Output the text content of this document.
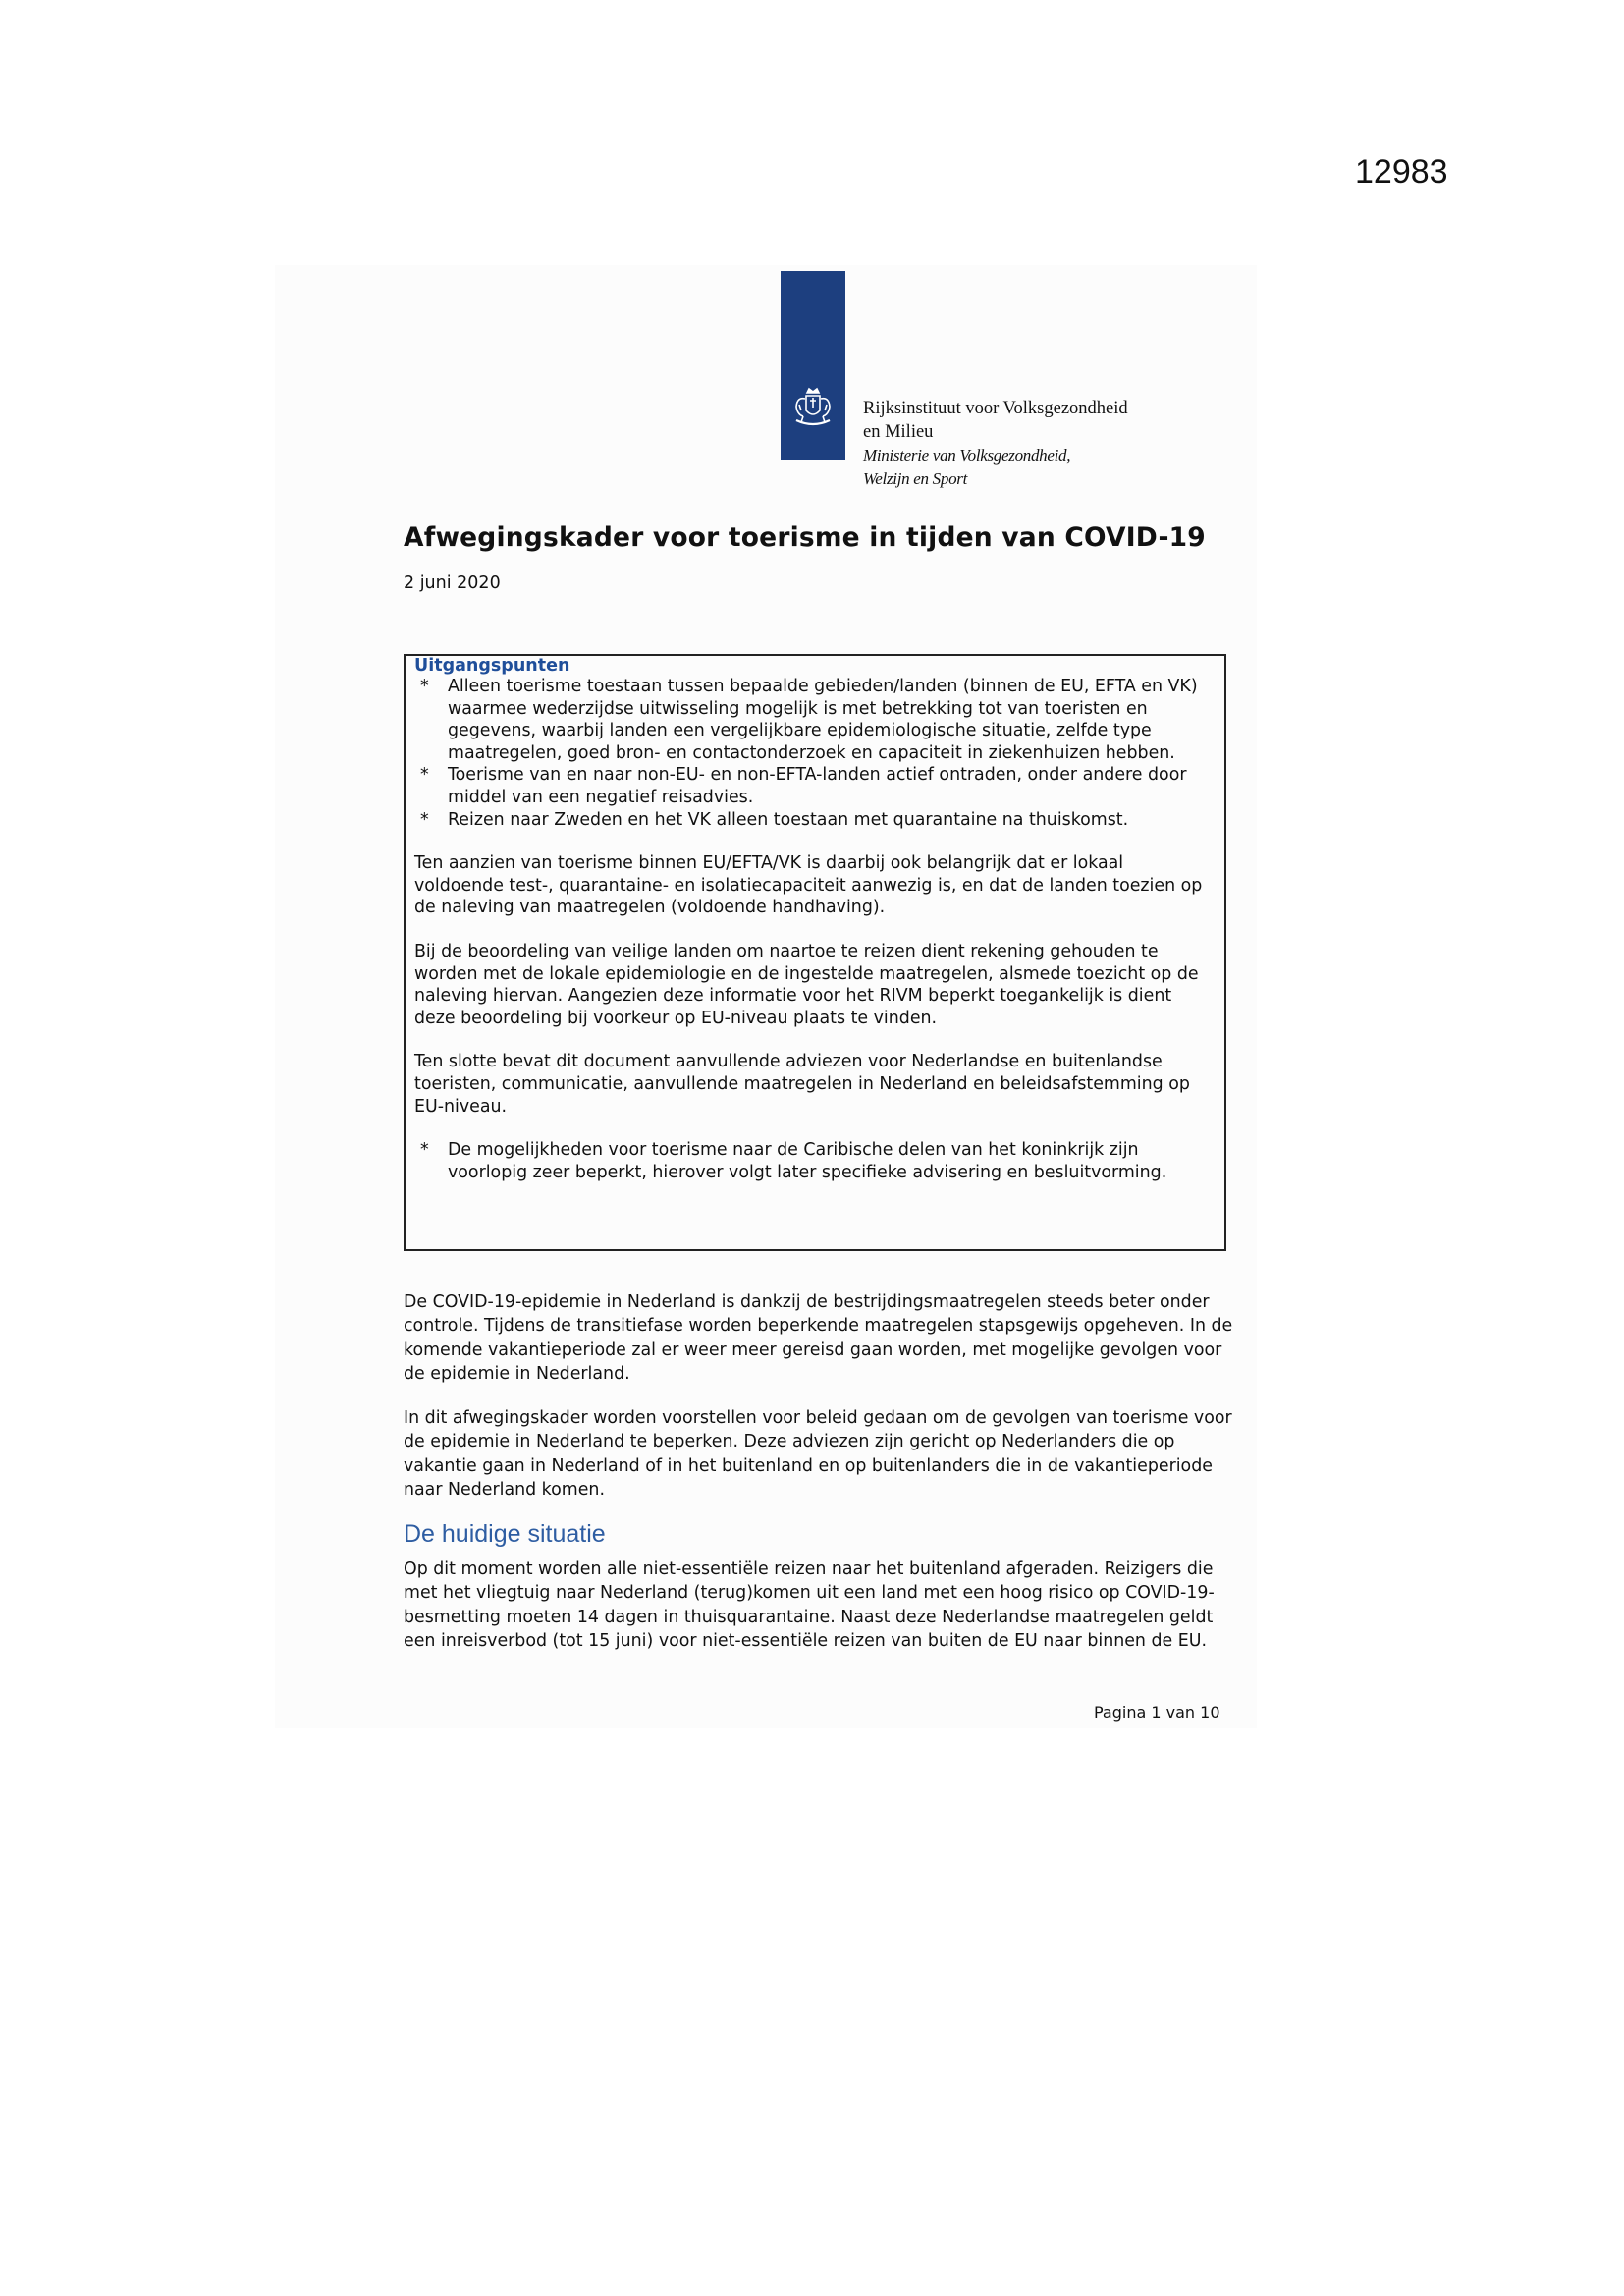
12983
Rijksinstituut voor Volksgezondheid
en Milieu
Ministerie van Volksgezondheid,
Welzijn en Sport
Afwegingskader voor toerisme in tijden van COVID-19
2 juni 2020
Uitgangspunten
* Alleen toerisme toestaan tussen bepaalde gebieden/landen (binnen de EU, EFTA en VK) waarmee wederzijdse uitwisseling mogelijk is met betrekking tot van toeristen en gegevens, waarbij landen een vergelijkbare epidemiologische situatie, zelfde type maatregelen, goed bron- en contactonderzoek en capaciteit in ziekenhuizen hebben.
* Toerisme van en naar non-EU- en non-EFTA-landen actief ontraden, onder andere door middel van een negatief reisadvies.
* Reizen naar Zweden en het VK alleen toestaan met quarantaine na thuiskomst.

Ten aanzien van toerisme binnen EU/EFTA/VK is daarbij ook belangrijk dat er lokaal voldoende test-, quarantaine- en isolatiecapaciteit aanwezig is, en dat de landen toezien op de naleving van maatregelen (voldoende handhaving).

Bij de beoordeling van veilige landen om naartoe te reizen dient rekening gehouden te worden met de lokale epidemiologie en de ingestelde maatregelen, alsmede toezicht op de naleving hiervan. Aangezien deze informatie voor het RIVM beperkt toegankelijk is dient deze beoordeling bij voorkeur op EU-niveau plaats te vinden.

Ten slotte bevat dit document aanvullende adviezen voor Nederlandse en buitenlandse toeristen, communicatie, aanvullende maatregelen in Nederland en beleidsafstemming op EU-niveau.

* De mogelijkheden voor toerisme naar de Caribische delen van het koninkrijk zijn voorlopig zeer beperkt, hierover volgt later specifieke advisering en besluitvorming.

De COVID-19-epidemie in Nederland is dankzij de bestrijdingsmaatregelen steeds beter onder controle. Tijdens de transitiefase worden beperkende maatregelen stapsgewijs opgeheven. In de komende vakantieperiode zal er weer meer gereisd gaan worden, met mogelijke gevolgen voor de epidemie in Nederland.

In dit afwegingskader worden voorstellen voor beleid gedaan om de gevolgen van toerisme voor de epidemie in Nederland te beperken. Deze adviezen zijn gericht op Nederlanders die op vakantie gaan in Nederland of in het buitenland en op buitenlanders die in de vakantieperiode naar Nederland komen.

De huidige situatie

Op dit moment worden alle niet-essentiële reizen naar het buitenland afgeraden. Reizigers die met het vliegtuig naar Nederland (terug)komen uit een land met een hoog risico op COVID-19-besmetting moeten 14 dagen in thuisquarantaine. Naast deze Nederlandse maatregelen geldt een inreisverbod (tot 15 juni) voor niet-essentiële reizen van buiten de EU naar binnen de EU.

Pagina 1 van 10
